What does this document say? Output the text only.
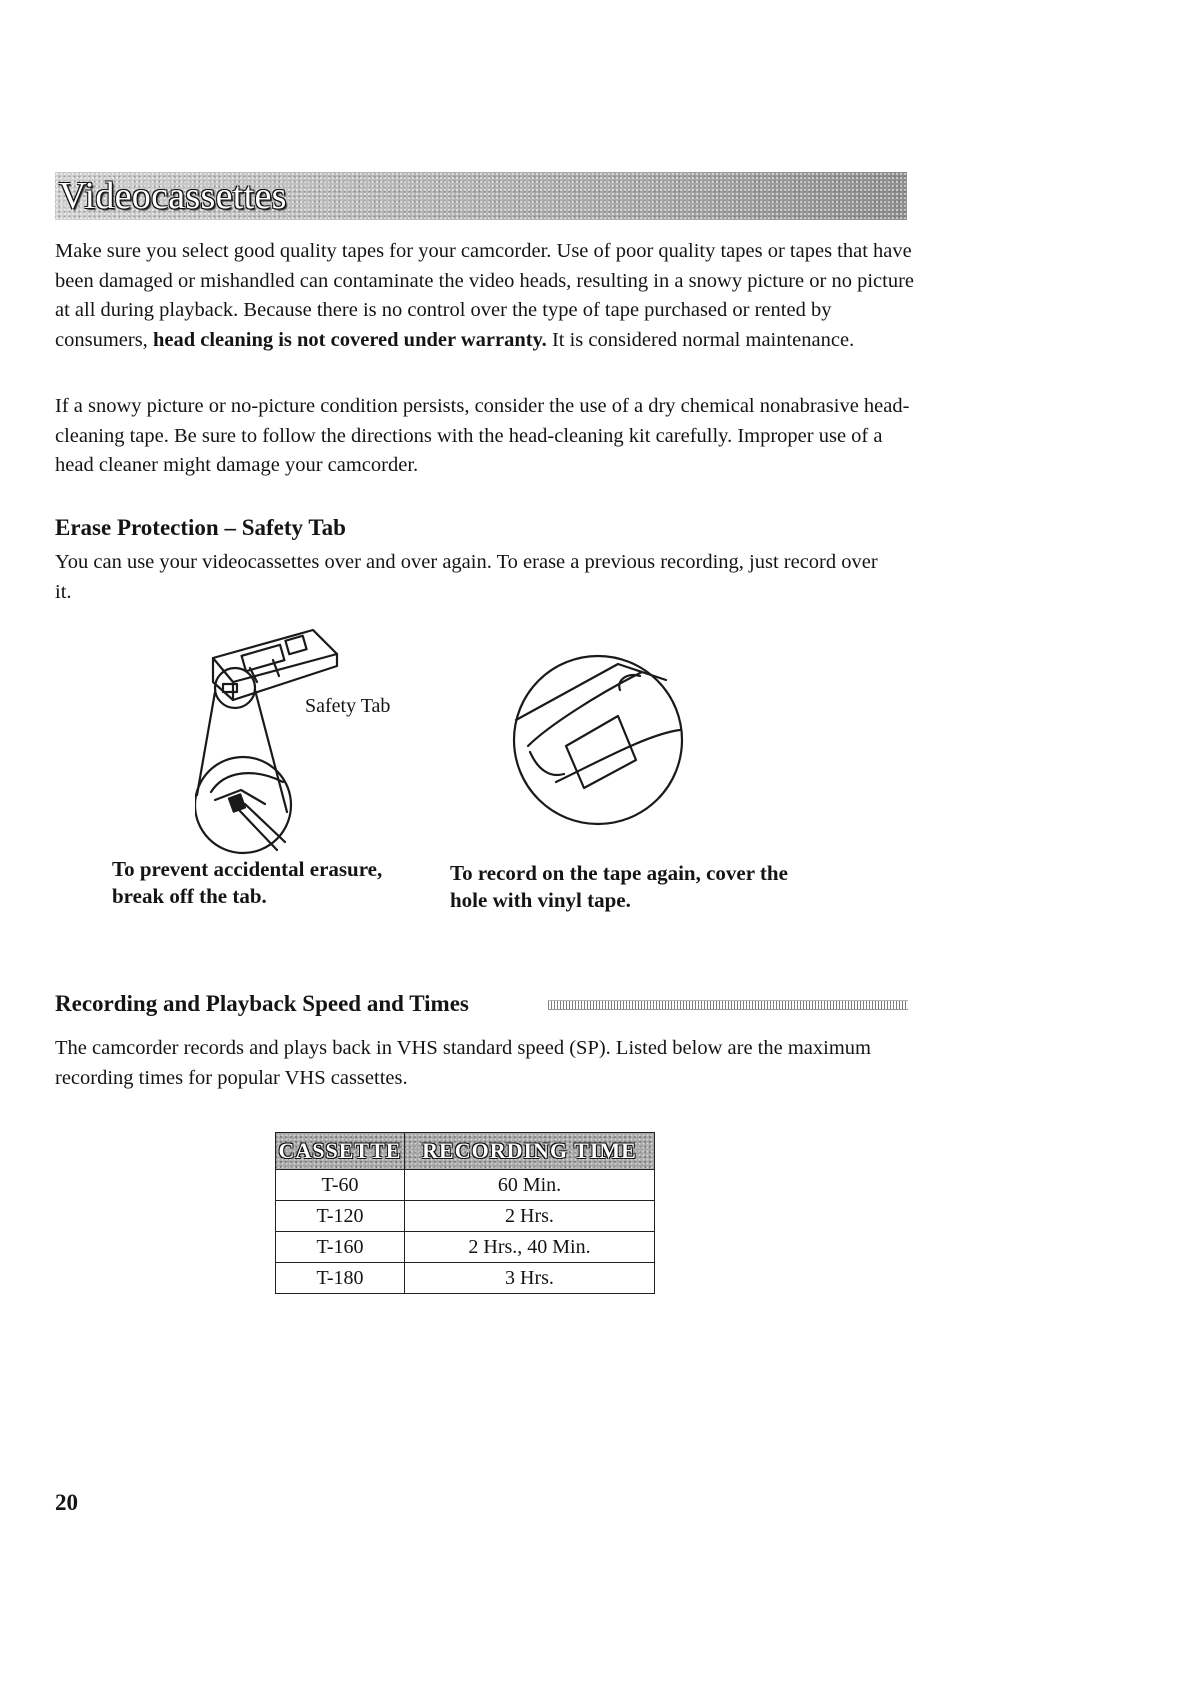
Videocassettes

Make sure you select good quality tapes for your camcorder. Use of poor quality tapes or tapes that have been damaged or mishandled can contaminate the video heads, resulting in a snowy picture or no picture at all during playback. Because there is no control over the type of tape purchased or rented by consumers, head cleaning is not covered under warranty. It is considered normal maintenance.

If a snowy picture or no-picture condition persists, consider the use of a dry chemical nonabrasive head-cleaning tape. Be sure to follow the directions with the head-cleaning kit carefully. Improper use of a head cleaner might damage your camcorder.

Erase Protection – Safety Tab

You can use your videocassettes over and over again. To erase a previous recording, just record over it.

Safety Tab

To prevent accidental erasure, break off the tab.

To record on the tape again, cover the hole with vinyl tape.

Recording and Playback Speed and Times

The camcorder records and plays back in VHS standard speed (SP). Listed below are the maximum recording times for popular VHS cassettes.

CASSETTE	RECORDING TIME
T-60	60 Min.
T-120	2 Hrs.
T-160	2 Hrs., 40 Min.
T-180	3 Hrs.
20
